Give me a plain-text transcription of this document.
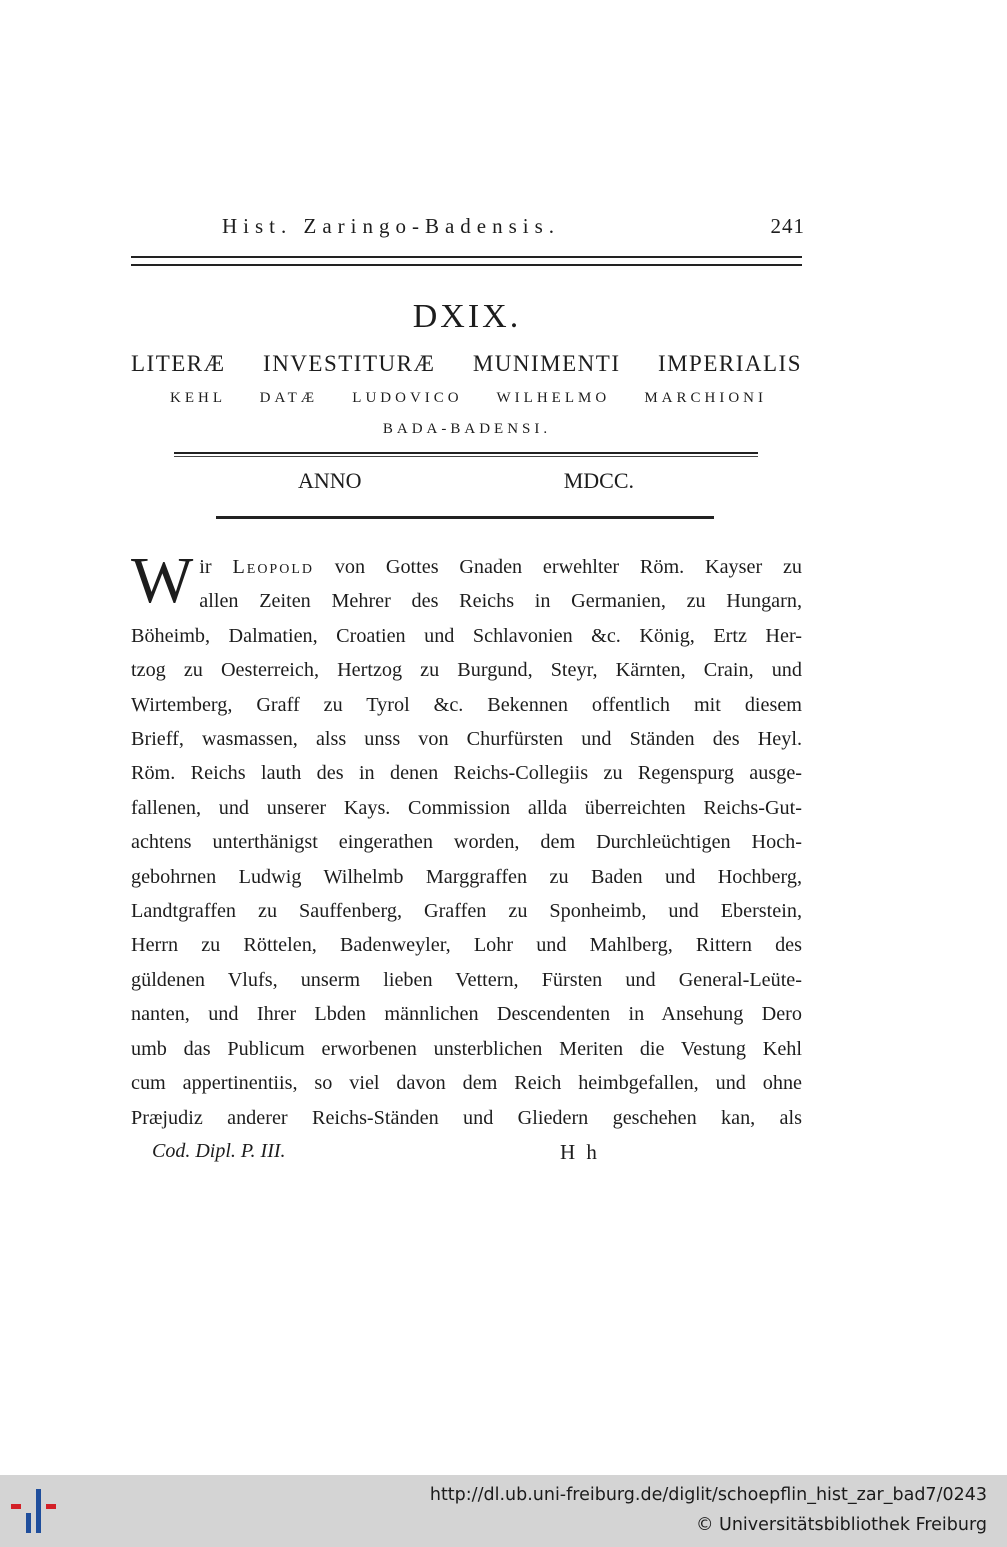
Hist. Zaringo-Badensis.	241
DXIX.
LITERÆ INVESTITURÆ MUNIMENTI IMPERIALIS
KEHL DATÆ LUDOVICO WILHELMO MARCHIONI
BADA-BADENSI.
ANNO MDCC.
W ir Leopold von Gottes Gnaden erwehlter Röm. Kayser zu
allen Zeiten Mehrer des Reichs in Germanien, zu Hungarn,
Böheimb, Dalmatien, Croatien und Schlavonien &c. König, Ertz Her-
tzog zu Oesterreich, Hertzog zu Burgund, Steyr, Kärnten, Crain, und
Wirtemberg, Graff zu Tyrol &c. Bekennen offentlich mit diesem
Brieff, wasmassen, alss unss von Churfürsten und Ständen des Heyl.
Röm. Reichs lauth des in denen Reichs-Collegiis zu Regenspurg ausge-
fallenen, und unserer Kays. Commission allda überreichten Reichs-Gut-
achtens unterthänigst eingerathen worden, dem Durchleüchtigen Hoch-
gebohrnen Ludwig Wilhelmb Marggraffen zu Baden und Hochberg,
Landtgraffen zu Sauffenberg, Graffen zu Sponheimb, und Eberstein,
Herrn zu Röttelen, Badenweyler, Lohr und Mahlberg, Rittern des
güldenen Vlufs, unserm lieben Vettern, Fürsten und General-Leüte-
nanten, und Ihrer Lbden männlichen Descendenten in Ansehung Dero
umb das Publicum erworbenen unsterblichen Meriten die Vestung Kehl
cum appertinentiis, so viel davon dem Reich heimbgefallen, und ohne
Præjudiz anderer Reichs-Ständen und Gliedern geschehen kan, als
Cod. Dipl. P. III.	H h
http://dl.ub.uni-freiburg.de/diglit/schoepflin_hist_zar_bad7/0243
© Universitätsbibliothek Freiburg
